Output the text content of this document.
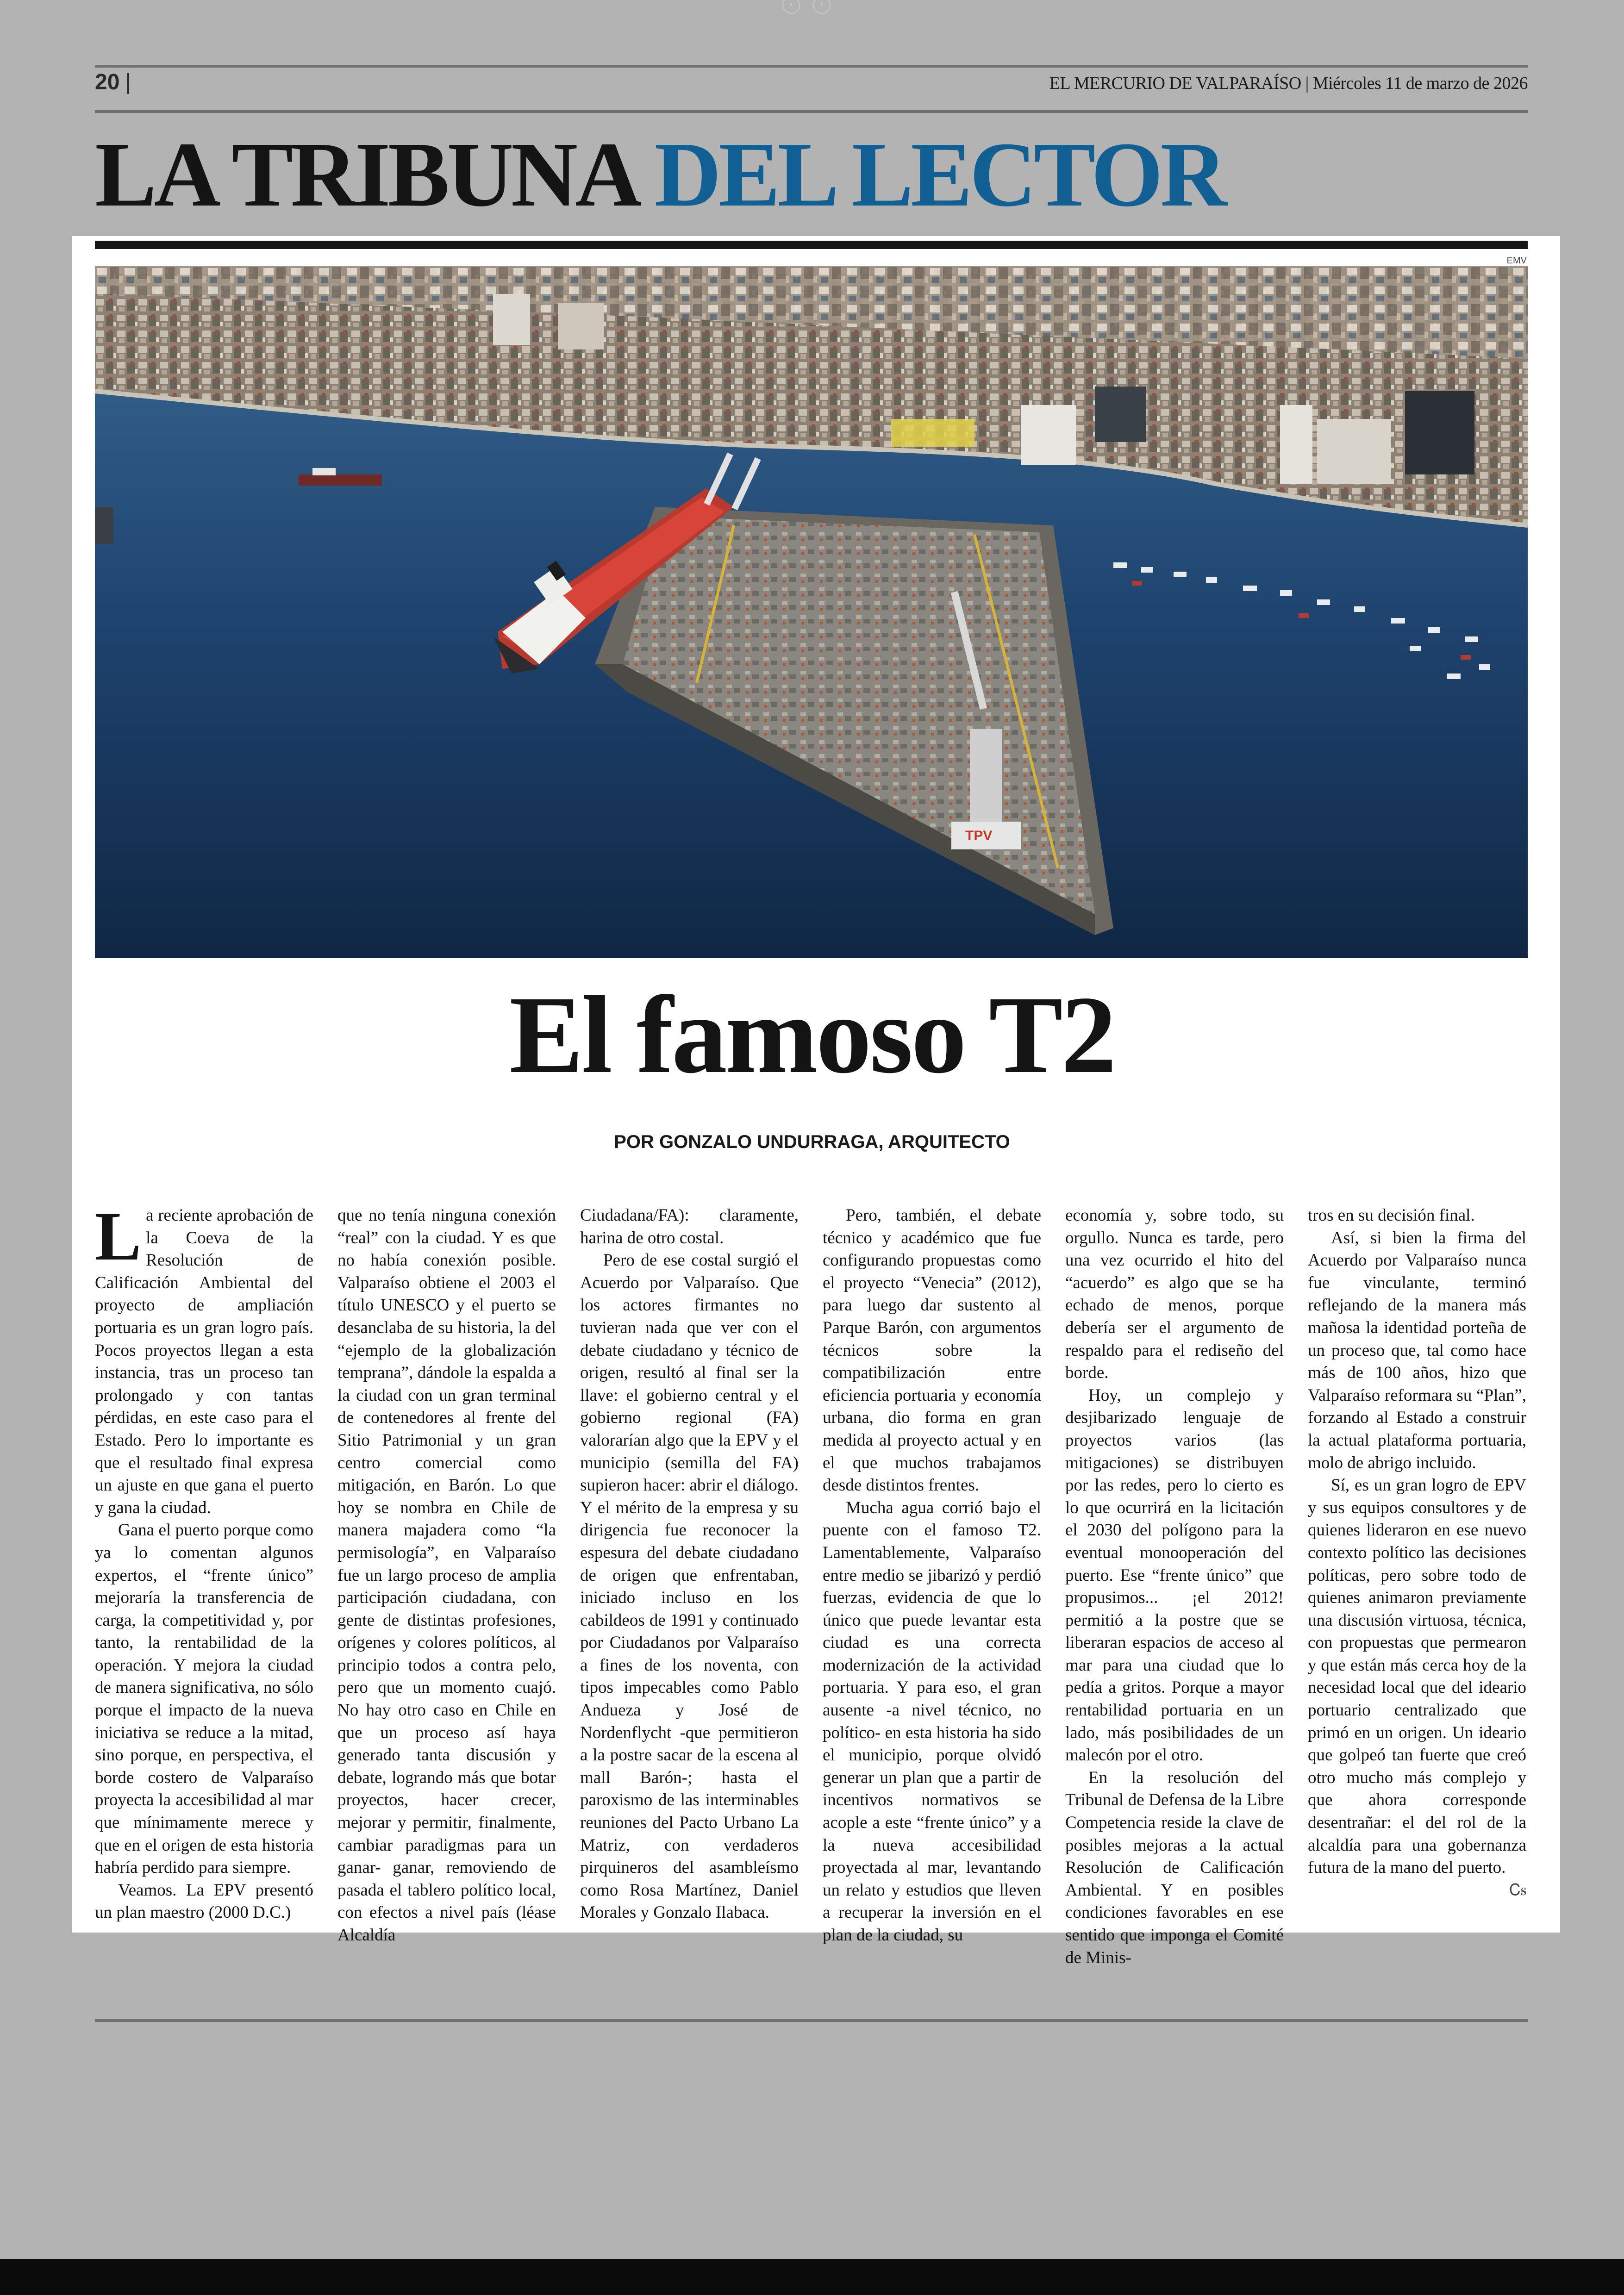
‹	›
20 |	EL MERCURIO DE VALPARAÍSO | Miércoles 11 de marzo de 2026
LA TRIBUNA DEL LECTOR
EMV
TPV
El famoso T2
POR GONZALO UNDURRAGA, ARQUITECTO

La reciente aprobación de la Coeva de la Resolución de Calificación Ambiental del proyecto de ampliación portuaria es un gran logro país. Pocos proyectos llegan a esta instancia, tras un proceso tan prolongado y con tantas pérdidas, en este caso para el Estado. Pero lo importante es que el resultado final expresa un ajuste en que gana el puerto y gana la ciudad.

Gana el puerto porque como ya lo comentan algunos expertos, el “frente único” mejoraría la transferencia de carga, la competitividad y, por tanto, la rentabilidad de la operación. Y mejora la ciudad de manera significativa, no sólo porque el impacto de la nueva iniciativa se reduce a la mitad, sino porque, en perspectiva, el borde costero de Valparaíso proyecta la accesibilidad al mar que mínimamente merece y que en el origen de esta historia habría perdido para siempre.

Veamos. La EPV presentó un plan maestro (2000 D.C.)

que no tenía ninguna conexión “real” con la ciudad. Y es que no había conexión posible. Valparaíso obtiene el 2003 el título UNESCO y el puerto se desanclaba de su historia, la del “ejemplo de la globalización temprana”, dándole la espalda a la ciudad con un gran terminal de contenedores al frente del Sitio Patrimonial y un gran centro comercial como mitigación, en Barón. Lo que hoy se nombra en Chile de manera majadera como “la permisología”, en Valparaíso fue un largo proceso de amplia participación ciudadana, con gente de distintas profesiones, orígenes y colores políticos, al principio todos a contra pelo, pero que un momento cuajó. No hay otro caso en Chile en que un proceso así haya generado tanta discusión y debate, logrando más que botar proyectos, hacer crecer, mejorar y permitir, finalmente, cambiar paradigmas para un ganar- ganar, removiendo de pasada el tablero político local, con efectos a nivel país (léase Alcaldía

Ciudadana/FA): claramente, harina de otro costal.

Pero de ese costal surgió el Acuerdo por Valparaíso. Que los actores firmantes no tuvieran nada que ver con el debate ciudadano y técnico de origen, resultó al final ser la llave: el gobierno central y el gobierno regional (FA) valorarían algo que la EPV y el municipio (semilla del FA) supieron hacer: abrir el diálogo. Y el mérito de la empresa y su dirigencia fue reconocer la espesura del debate ciudadano de origen que enfrentaban, iniciado incluso en los cabildeos de 1991 y continuado por Ciudadanos por Valparaíso a fines de los noventa, con tipos impecables como Pablo Andueza y José de Nordenflycht -que permitieron a la postre sacar de la escena al mall Barón-; hasta el paroxismo de las interminables reuniones del Pacto Urbano La Matriz, con verdaderos pirquineros del asambleísmo como Rosa Martínez, Daniel Morales y Gonzalo Ilabaca.

Pero, también, el debate técnico y académico que fue configurando propuestas como el proyecto “Venecia” (2012), para luego dar sustento al Parque Barón, con argumentos técnicos sobre la compatibilización entre eficiencia portuaria y economía urbana, dio forma en gran medida al proyecto actual y en el que muchos trabajamos desde distintos frentes.

Mucha agua corrió bajo el puente con el famoso T2. Lamentablemente, Valparaíso entre medio se jibarizó y perdió fuerzas, evidencia de que lo único que puede levantar esta ciudad es una correcta modernización de la actividad portuaria. Y para eso, el gran ausente -a nivel técnico, no político- en esta historia ha sido el municipio, porque olvidó generar un plan que a partir de incentivos normativos se acople a este “frente único” y a la nueva accesibilidad proyectada al mar, levantando un relato y estudios que lleven a recuperar la inversión en el plan de la ciudad, su

economía y, sobre todo, su orgullo. Nunca es tarde, pero una vez ocurrido el hito del “acuerdo” es algo que se ha echado de menos, porque debería ser el argumento de respaldo para el rediseño del borde.

Hoy, un complejo y desjibarizado lenguaje de proyectos varios (las mitigaciones) se distribuyen por las redes, pero lo cierto es lo que ocurrirá en la licitación el 2030 del polígono para la eventual monooperación del puerto. Ese “frente único” que propusimos... ¡el 2012! permitió a la postre que se liberaran espacios de acceso al mar para una ciudad que lo pedía a gritos. Porque a mayor rentabilidad portuaria en un lado, más posibilidades de un malecón por el otro.

En la resolución del Tribunal de Defensa de la Libre Competencia reside la clave de posibles mejoras a la actual Resolución de Calificación Ambiental. Y en posibles condiciones favorables en ese sentido que imponga el Comité de Minis-

tros en su decisión final.

Así, si bien la firma del Acuerdo por Valparaíso nunca fue vinculante, terminó reflejando de la manera más mañosa la identidad porteña de un proceso que, tal como hace más de 100 años, hizo que Valparaíso reformara su “Plan”, forzando al Estado a construir la actual plataforma portuaria, molo de abrigo incluido.

Sí, es un gran logro de EPV y sus equipos consultores y de quienes lideraron en ese nuevo contexto político las decisiones políticas, pero sobre todo de quienes animaron previamente una discusión virtuosa, técnica, con propuestas que permearon y que están más cerca hoy de la necesidad local que del ideario portuario centralizado que primó en un origen. Un ideario que golpeó tan fuerte que creó otro mucho más complejo y que ahora corresponde desentrañar: el del rol de la alcaldía para una gobernanza futura de la mano del puerto.
Ꮯꭶ
